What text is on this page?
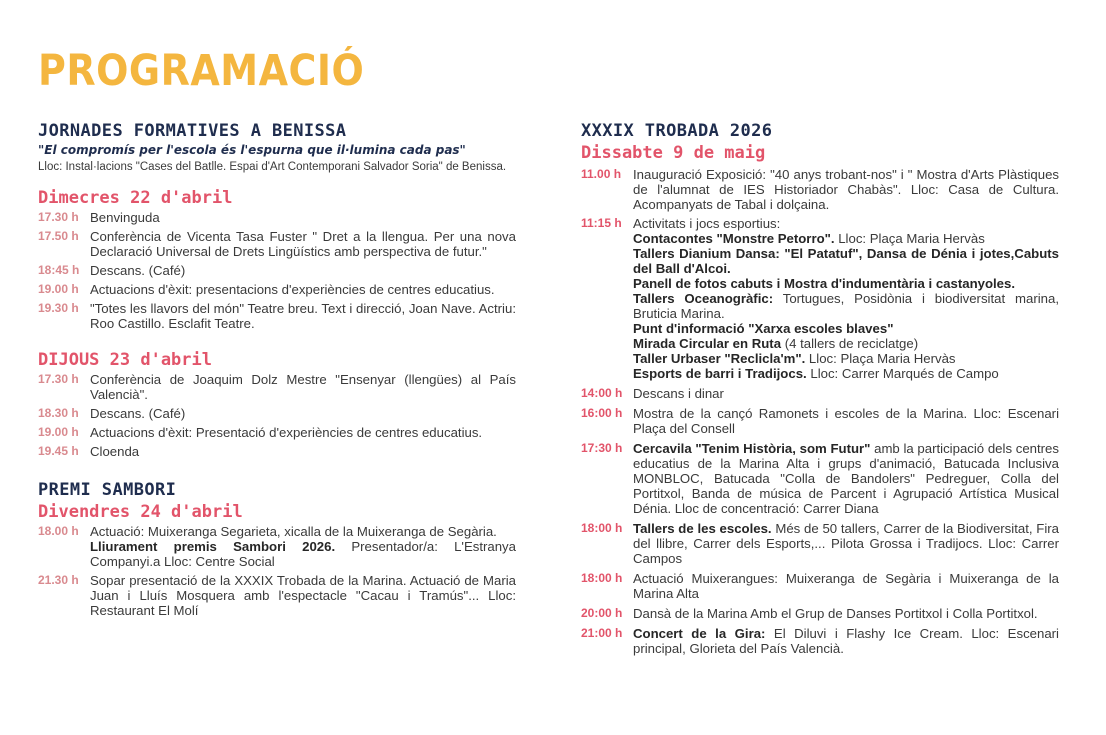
PROGRAMACIÓ

JORNADES FORMATIVES A BENISSA

"El compromís per l'escola és l'espurna que il·lumina cada pas"

Lloc: Instal·lacions "Cases del Batlle. Espai d'Art Contemporani Salvador Soria" de Benissa.

Dimecres 22 d'abril

17.30 h Benvinguda
17.50 h Conferència de Vicenta Tasa Fuster " Dret a la llengua. Per una nova Declaració Universal de Drets Lingüístics amb perspectiva de futur."
18:45 h Descans. (Café)
19.00 h Actuacions d'èxit: presentacions d'experiències de centres educatius.
19.30 h "Totes les llavors del món" Teatre breu. Text i direcció, Joan Nave. Actriu: Roo Castillo. Esclafit Teatre.

DIJOUS 23 d'abril

17.30 h Conferència de Joaquim Dolz Mestre "Ensenyar (llengües) al País Valencià".
18.30 h Descans. (Café)
19.00 h Actuacions d'èxit: Presentació d'experiències de centres educatius.
19.45 h Cloenda

PREMI SAMBORI

Divendres 24 d'abril

18.00 h Actuació: Muixeranga Segarieta, xicalla de la Muixeranga de Segària.
Lliurament premis Sambori 2026. Presentador/a: L'Estranya Companyi.a Lloc: Centre Social
21.30 h Sopar presentació de la XXXIX Trobada de la Marina. Actuació de Maria Juan i Lluís Mosquera amb l'espectacle "Cacau i Tramús"... Lloc: Restaurant El Molí

XXXIX TROBADA 2026

Dissabte 9 de maig

11.00 h Inauguració Exposició: "40 anys trobant-nos" i " Mostra d'Arts Plàstiques de l'alumnat de IES Historiador Chabàs". Lloc: Casa de Cultura. Acompanyats de Tabal i dolçaina.
11:15 h Activitats i jocs esportius:
Contacontes "Monstre Petorro". Lloc: Plaça Maria Hervàs
Tallers Dianium Dansa: "El Patatuf", Dansa de Dénia i jotes,Cabuts del Ball d'Alcoi.
Panell de fotos cabuts i Mostra d'indumentària i castanyoles.
Tallers Oceanogràfic: Tortugues, Posidònia i biodiversitat marina, Bruticia Marina.
Punt d'informació "Xarxa escoles blaves"
Mirada Circular en Ruta (4 tallers de reciclatge)
Taller Urbaser "Reclicla'm". Lloc: Plaça Maria Hervàs
Esports de barri i Tradijocs. Lloc: Carrer Marqués de Campo
14:00 h Descans i dinar
16:00 h Mostra de la cançó Ramonets i escoles de la Marina. Lloc: Escenari Plaça del Consell
17:30 h Cercavila "Tenim Història, som Futur" amb la participació dels centres educatius de la Marina Alta i grups d'animació, Batucada Inclusiva MONBLOC, Batucada "Colla de Bandolers" Pedreguer, Colla del Portitxol, Banda de música de Parcent i Agrupació Artística Musical Dénia. Lloc de concentració: Carrer Diana
18:00 h Tallers de les escoles. Més de 50 tallers, Carrer de la Biodiversitat, Fira del llibre, Carrer dels Esports,... Pilota Grossa i Tradijocs. Lloc: Carrer Campos
18:00 h Actuació Muixerangues: Muixeranga de Segària i Muixeranga de la Marina Alta
20:00 h Dansà de la Marina Amb el Grup de Danses Portitxol i Colla Portitxol.
21:00 h Concert de la Gira: El Diluvi i Flashy Ice Cream. Lloc: Escenari principal, Glorieta del País Valencià.
